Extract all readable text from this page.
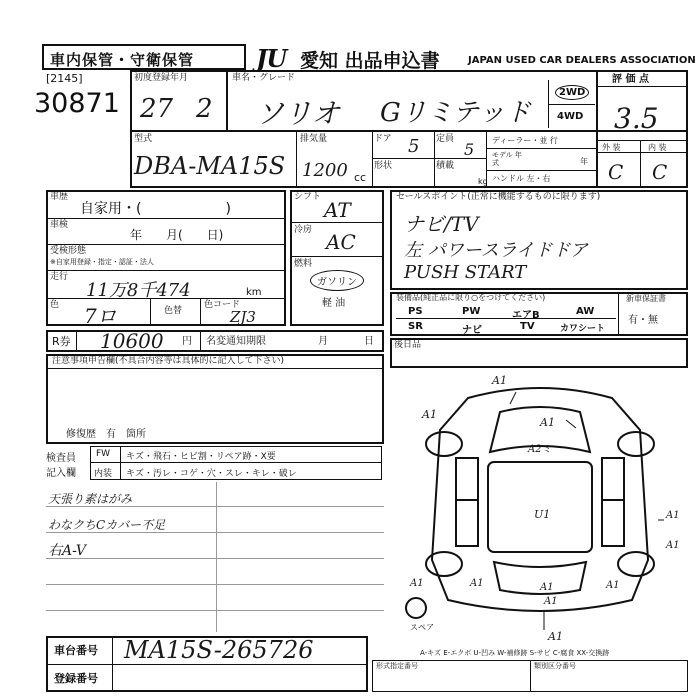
車内保管・守衛保管	JU 愛知 出品申込書	JAPAN USED CAR DEALERS ASSOCIATION
[2145]
30871
初度登録年月
27 2
車名・グレード
ソリオ Gリミテッド
2WD
4WD
評 価 点
3.5
型式
DBA-MA15S
排気量
1200 cc
ドア 5 定員
5
形状	積載
kg
ディーラー・並 行
モデル 年式	年
ハンドル 左・右
外 装	内 装
C C
車歴
自家用・(　　　　　　)
車検
年　　月(　　日)
受検形態
※自家用登録・指定・認証・法人
走行
11万8千474	km
色 7ロ	色替
色コード
ZJ3
シフト
AT
冷房 AC
燃料
ガソリン
軽 油
R券 10600 円 名変通知期限	月	日
セールスポイント(正常に機能するものに限ります)
ナビ/TV
左 パワースライドドア
PUSH START
装備品(純正品に限り○をつけてください)
PS	PW	エアB	AW
SR	ナビ	TV	カワシート
新車保証書
有・無
後日品
注意事項申告欄(不具合内容等は具体的に記入して下さい)
修復歴　有　箇所
検査員
記入欄
FW キズ・飛石・ヒビ割・リペア跡・X要
内装 キズ・汚レ・コゲ・穴・スレ・キレ・破レ
天張り素はがみ
わなクちCカバー不足
右A-V
A1
A1
A2ミ
A1
U1	A1
A1
A1	A1	A1
A1
A1
A1
スペア
A-キズ E-エクボ U-凹み W-補修跡 S-サビ C-腐食 XX-交換跡
車台番号 MA15S-265726
登録番号
形式指定番号	類別区分番号
